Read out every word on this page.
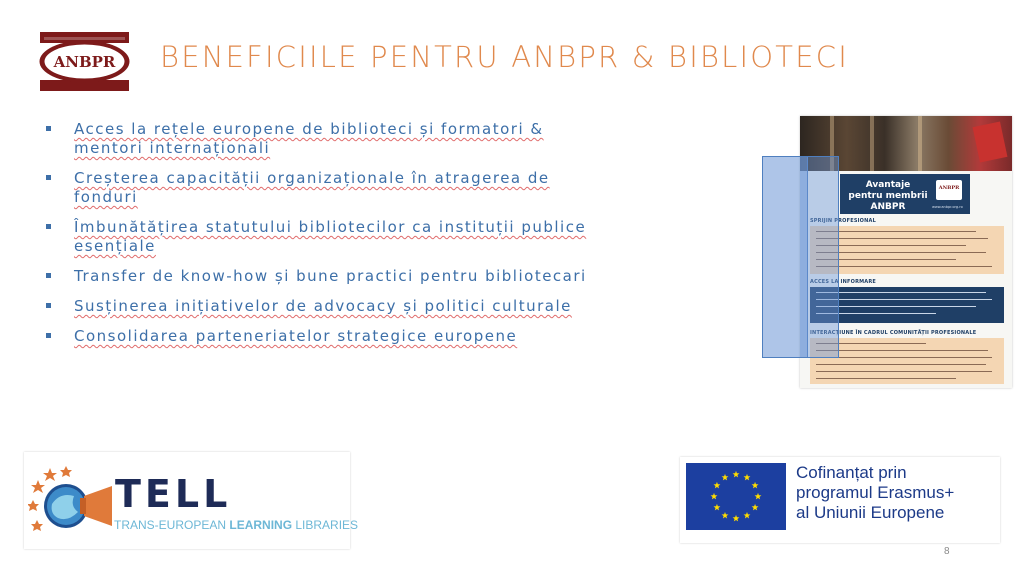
ANBPR BENEFICIILE PENTRU ANBPR & BIBLIOTECI
Acces la rețele europene de biblioteci și formatori & mentori internaționali
Creșterea capacității organizaționale în atragerea de fonduri
Îmbunătățirea statutului bibliotecilor ca instituții publice esențiale
Transfer de know-how și bune practici pentru bibliotecari
Susținerea inițiativelor de advocacy și politici culturale
Consolidarea parteneriatelor strategice europene
Avantaje pentru membrii ANBPR
ANBPR
www.anbpr.org.ro
SPRIJIN PROFESIONAL
ACCES LA INFORMARE
INTERACȚIUNE ÎN CADRUL COMUNITĂȚII PROFESIONALE
TELL
TRANS-EUROPEAN LEARNING LIBRARIES
Cofinanțat prin
programul Erasmus+
al Uniunii Europene
8
